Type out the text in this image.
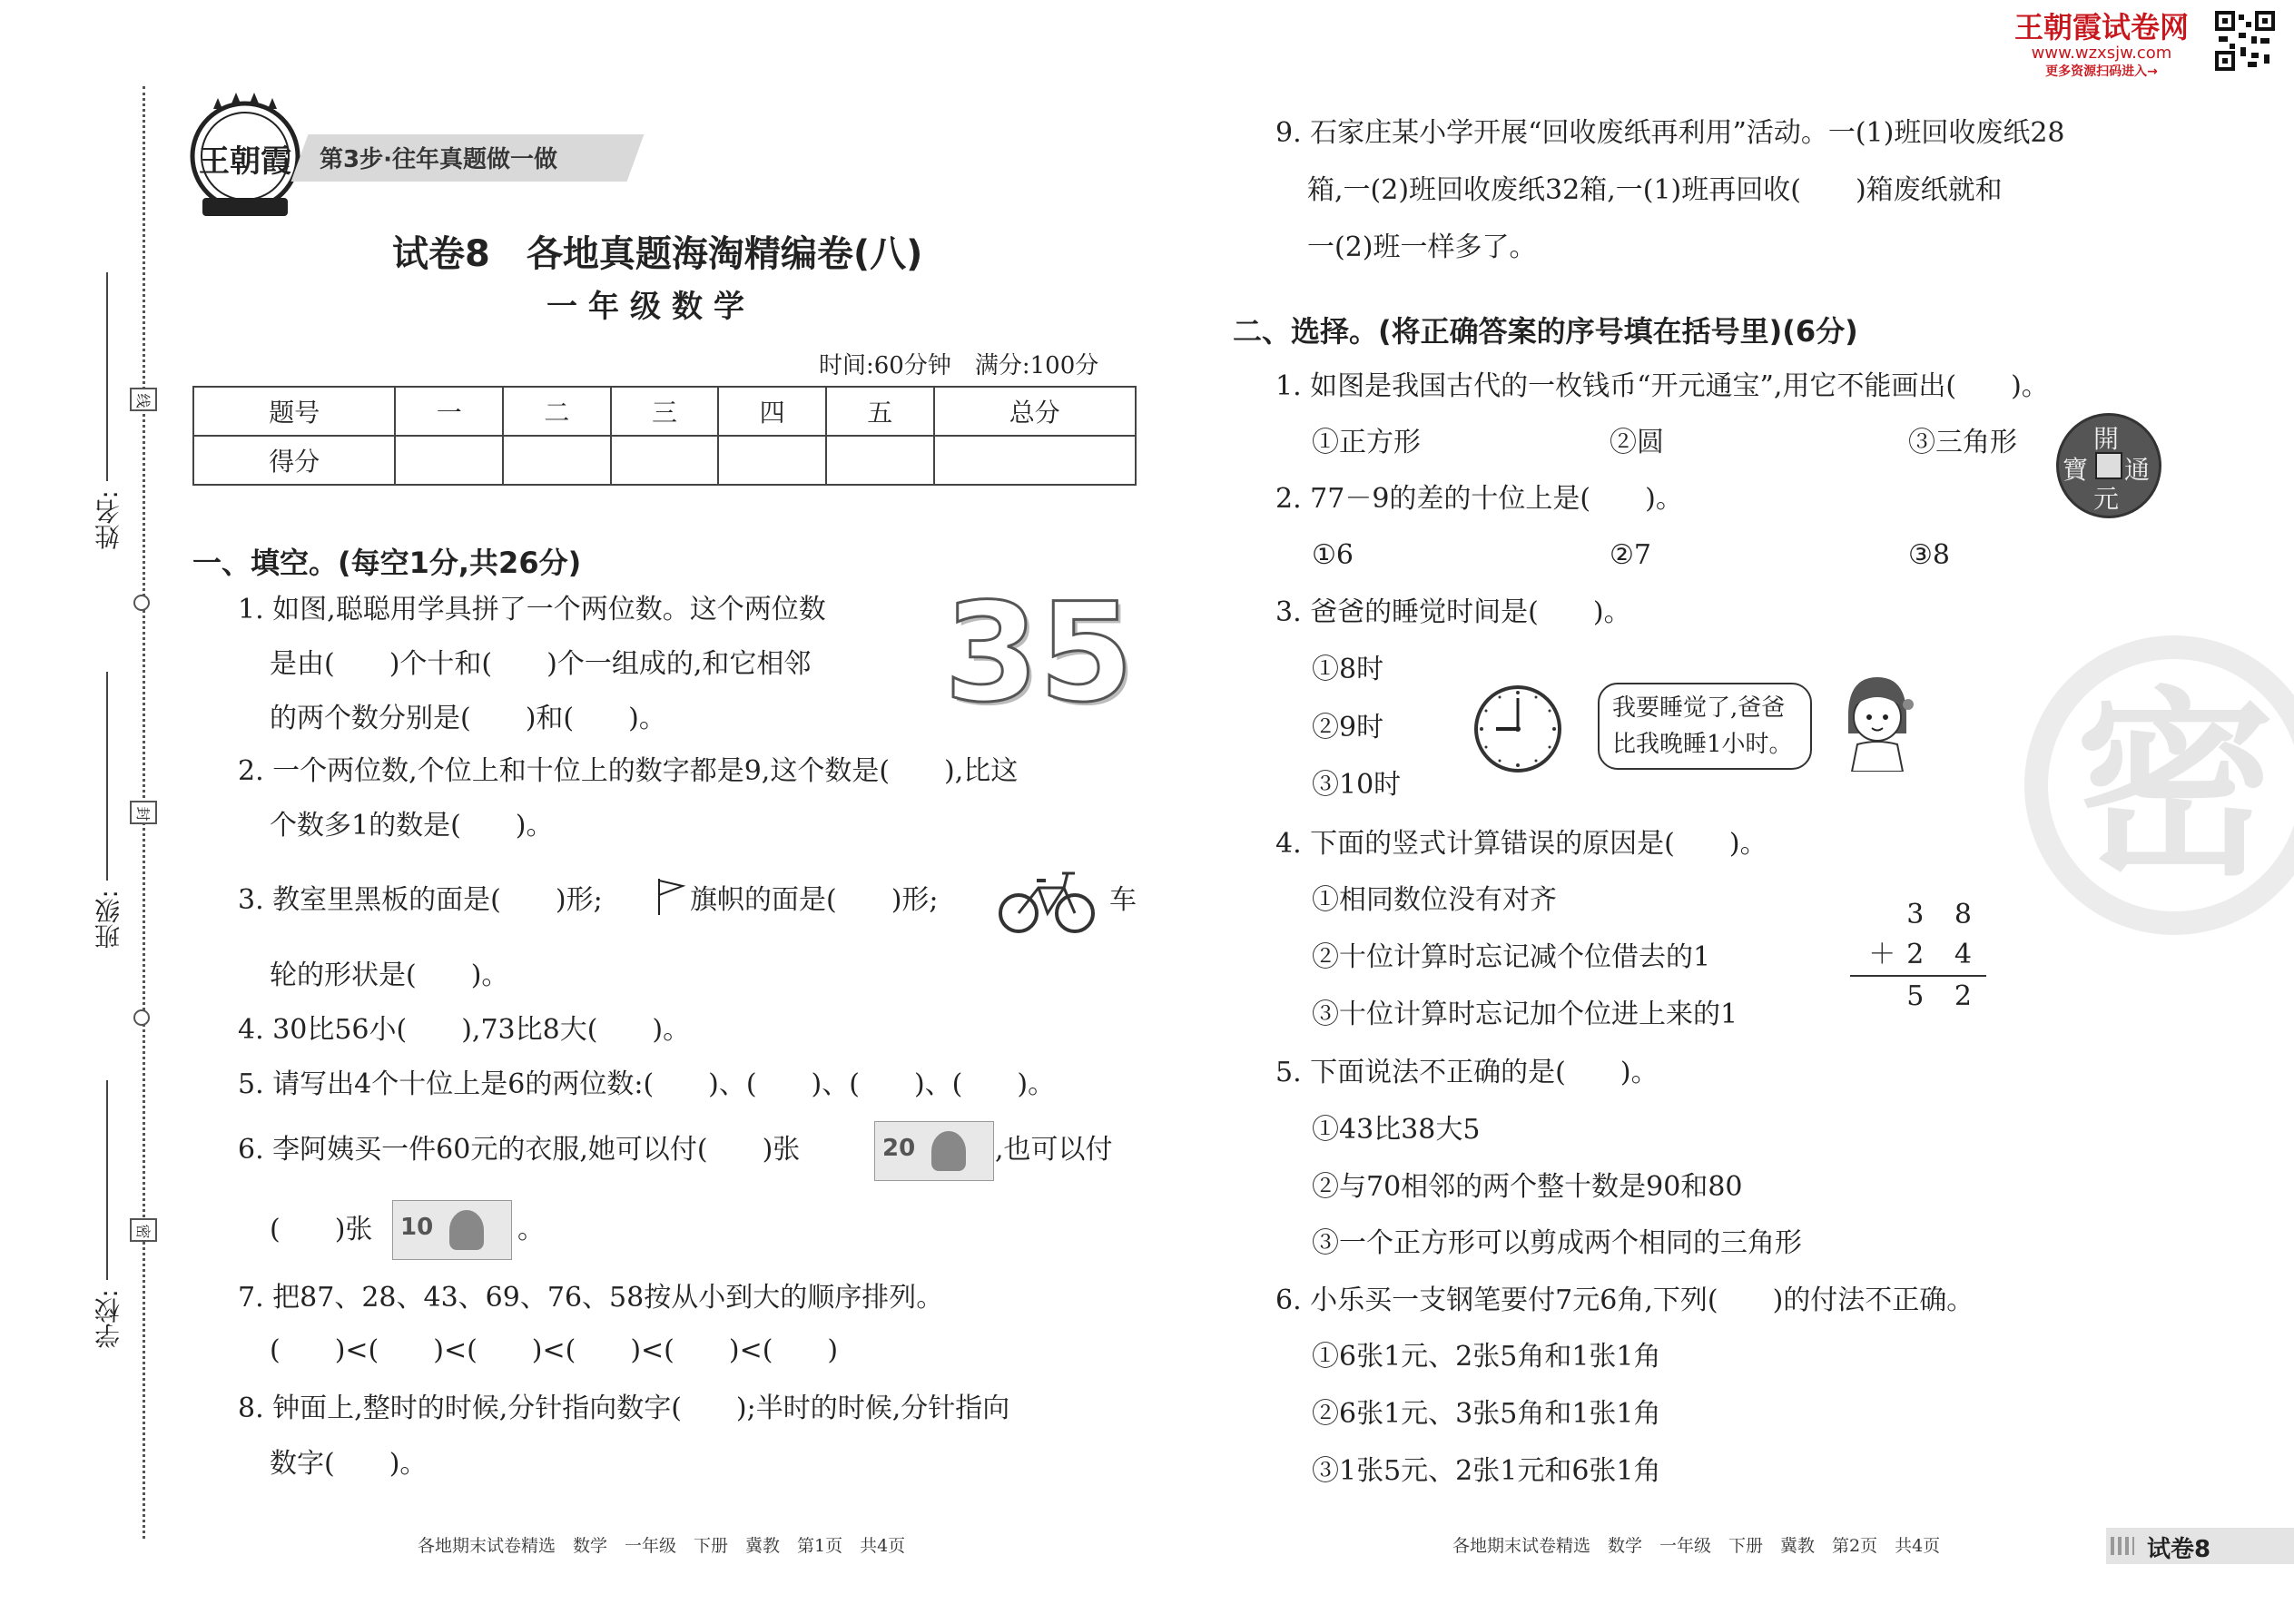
王朝霞试卷网
www.wzxsjw.com
更多资源扫码进入→
姓名:
班级:
学校:
线
封
密
王朝霞 第3步·往年真题做一做
试卷8　各地真题海淘精编卷(八)
一年级数学
时间:60分钟　满分:100分
题号	一	二	三	四	五	总分
得分						
一、填空。(每空1分,共26分)
1. 如图,聪聪用学具拼了一个两位数。这个两位数
是由(　　)个十和(　　)个一组成的,和它相邻
的两个数分别是(　　)和(　　)。 35
2. 一个两位数,个位上和十位上的数字都是9,这个数是(　　),比这
个数多1的数是(　　)。
3. 教室里黑板的面是(　　)形;	旗帜的面是(　　)形;	车
轮的形状是(　　)。
4. 30比56小(　　),73比8大(　　)。
5. 请写出4个十位上是6的两位数:(　　)、(　　)、(　　)、(　　)。
6. 李阿姨买一件60元的衣服,她可以付(　　)张	20	,也可以付
(　　)张 10	。
7. 把87、28、43、69、76、58按从小到大的顺序排列。
(　　)<(　　)<(　　)<(　　)<(　　)<(　　)
8. 钟面上,整时的时候,分针指向数字(　　);半时的时候,分针指向
数字(　　)。
9. 石家庄某小学开展“回收废纸再利用”活动。一(1)班回收废纸28
箱,一(2)班回收废纸32箱,一(1)班再回收(　　)箱废纸就和
一(2)班一样多了。
二、选择。(将正确答案的序号填在括号里)(6分)
1. 如图是我国古代的一枚钱币“开元通宝”,用它不能画出(　　)。
①正方形	②圆	③三角形	開
元
通
寶
2. 77－9的差的十位上是(　　)。
①6	②7	③8
3. 爸爸的睡觉时间是(　　)。
①8时
②9时
③10时
我要睡觉了,爸爸
比我晚睡1小时。
4. 下面的竖式计算错误的原因是(　　)。
①相同数位没有对齐
②十位计算时忘记减个位借去的1
③十位计算时忘记加个位进上来的1
3 8
＋2 4
5 2
5. 下面说法不正确的是(　　)。
①43比38大5
②与70相邻的两个整十数是90和80
③一个正方形可以剪成两个相同的三角形
6. 小乐买一支钢笔要付7元6角,下列(　　)的付法不正确。
①6张1元、2张5角和1张1角
②6张1元、3张5角和1张1角
③1张5元、2张1元和6张1角
密
各地期末试卷精选　数学　一年级　下册　冀教　第1页　共4页	各地期末试卷精选　数学　一年级　下册　冀教　第2页　共4页	试卷8
